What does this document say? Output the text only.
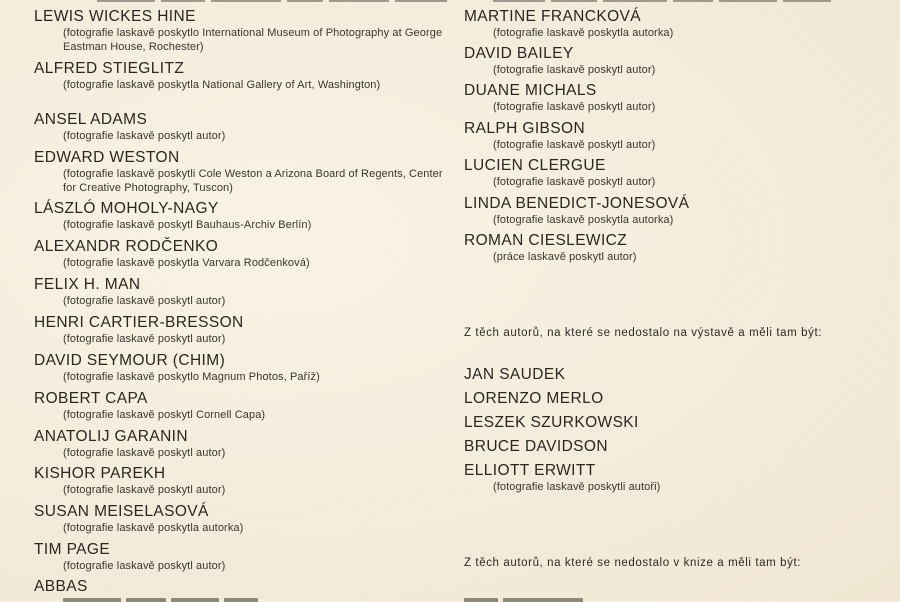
LEWIS WICKES HINE
(fotografie laskavě poskytlo International Museum of Photography at George Eastman House, Rochester)
ALFRED STIEGLITZ
(fotografie laskavě poskytla National Gallery of Art, Washington)
ANSEL ADAMS
(fotografie laskavě poskytl autor)
EDWARD WESTON
(fotografie laskavě poskytli Cole Weston a Arizona Board of Regents, Center for Creative Photography, Tuscon)
LÁSZLÓ MOHOLY-NAGY
(fotografie laskavě poskytl Bauhaus-Archiv Berlín)
ALEXANDR RODČENKO
(fotografie laskavě poskytla Varvara Rodčenková)
FELIX H. MAN
(fotografie laskavě poskytl autor)
HENRI CARTIER-BRESSON
(fotografie laskavě poskytl autor)
DAVID SEYMOUR (CHIM)
(fotografie laskavě poskytlo Magnum Photos, Paříž)
ROBERT CAPA
(fotografie laskavě poskytl Cornell Capa)
ANATOLIJ GARANIN
(fotografie laskavě poskytl autor)
KISHOR PAREKH
(fotografie laskavě poskytl autor)
SUSAN MEISELASOVÁ
(fotografie laskavě poskytla autorka)
TIM PAGE
(fotografie laskavě poskytl autor)
ABBAS
MARTINE FRANCKOVÁ
(fotografie laskavě poskytla autorka)
DAVID BAILEY
(fotografie laskavě poskytl autor)
DUANE MICHALS
(fotografie laskavě poskytl autor)
RALPH GIBSON
(fotografie laskavě poskytl autor)
LUCIEN CLERGUE
(fotografie laskavě poskytl autor)
LINDA BENEDICT-JONESOVÁ
(fotografie laskavě poskytla autorka)
ROMAN CIESLEWICZ
(práce laskavě poskytl autor)
Z těch autorů, na které se nedostalo na výstavě a měli tam být:
JAN SAUDEK
LORENZO MERLO
LESZEK SZURKOWSKI
BRUCE DAVIDSON
ELLIOTT ERWITT
(fotografie laskavě poskytli autoři)
Z těch autorů, na které se nedostalo v knize a měli tam být:
